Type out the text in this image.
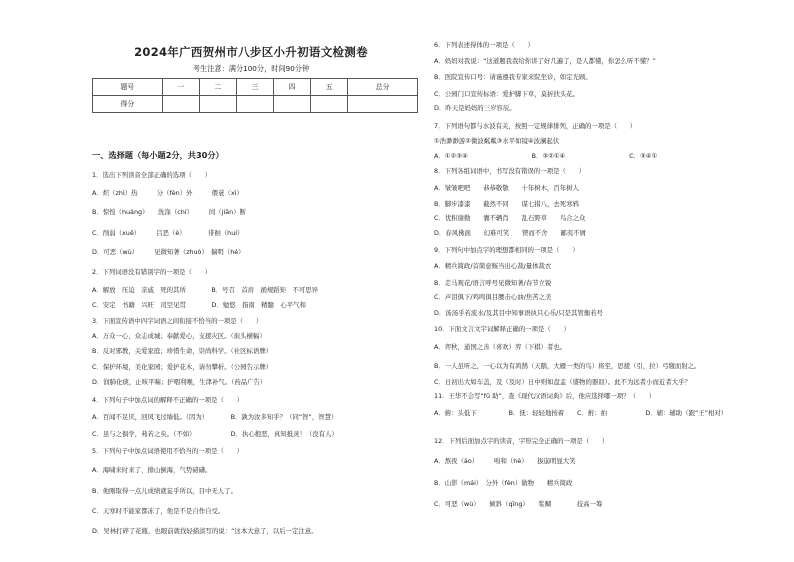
2024年广西贺州市八步区小升初语文检测卷
考生注意：满分100分，时间90分钟
题号	一	二	三	四	五	总分
得分						
一、选择题（每小题2分，共30分）
1．选出下列读音全部正确的选项（　　）
A．炽（zhì）热　　　分（fèn）外　　　偎蓑（xì）
B．惊惶（huáng）　　洗涤（chí）　　　间（jiān）断
C．削弱（xuē）　　　吕恶（è）　　　　徘徊（huí）
D．可恶（wù）　　　见微知著（zhuó）　揣明（hé）
2．下列词语没有错别字的一项是（　　）
A．解放　压迫　亲戚　死的其所　　　　B．号召　首肩　循规蹈矩　不可思异
C．安定　书籍　兴旺　司空见贯　　　　D．勉悠　指南　精髓　心平气和
3．下面宣传语中四字词语之间衔接不恰当的一项是（　　）
A．万众一心，众志成城；奉献爱心，支援灾区。（街头横幅）
B．反对邪教，关爱家庭；珍惜生命，崇尚科学。（社区标语牌）
C．保护环境，美化家园；爱护花木，请勿攀折。（公园告示牌）
D．润肺化痰，止咳平喘；护咽利喉，生津补气。（药品广告）
4．下列句子中加点词的解释不正确的一项是（　　）
A．百闻不足厌，回风飞过墙低。（因为）　　　　B．孰为汝多知乎？（同“智”，智慧）
C．虽与之俱学，弗若之矣。（不如）　　　　　　D．执心抱恶，真知抵灵！（没有人）
5．下列句子中加点词语使用不恰当的一项是（　　）
A．海啸来时来了，排山倒海，气势磅礴。
B．他刚取得一点儿成绩就妄乎所以，目中无人了。
C．天寒时不能家都冻了，他是不是自作自受。
D．吴林打碎了花瓶，也眼前就找轻描淡写的说：“这本大意了，以后一定注意。
6．下列表述得体的一项是（　　）
A．妈妈对我说：“这道题我我给你讲了好几遍了，是人都懂，你怎么听不懂？”
B．医院宣传口号：请谨遵我专家来院坐诊，如定光顾。
C．公园门口宣传标语：爱护脚下草，莫折扶头花。
D．昨天是妈妈的三岁容辰。
7．下列语句都与水波有关，按照一定规律排列，正确的一项是（　　）
①浩渺渺游②微波粼粼③水平如镜④波澜起伏
A．①②③④　　　　　　　　　　B．③②①④　　　　　　　　　　C．③④①
8．下列各组词语中，书写没有错误的一项是（　　）
A．皱皱吧吧　　恭恭敬敬　　十年树木，百年树人
B．脚步漆漆　　截然不同　　谋七措八，去死寒鸦
C．优积谢勤　　囊不辆肖　　乱石野草　　鸟合之众
D．春风拂面　　幻难可笑　　锲而不舍　　鄙夷不屑
9．下列句中加点字的理想都相同的一项是（　　）
A．精兵简政/首简意赅当出心裁/量体裁衣
B．走马观花/语言呼号见微知著/春节立锐
C．声泪俱下/鸡鸣俱目腰击心油/焦苦之美
D．汤汤乎若流水/及其目中知事语执只心乐/只是其管衡若号
10．下面文言文字词解释正确的一项是（　　）
A．弈秋，通国之善（喜欢）弈（下棋）者也。
B．一人虽听之，一心以为有鸿鹄（天鹅，大雁一类的鸟）将至，思援（引，拉）弓缴而射之。
C．日初出大如车盖，及（及时）日中则如盘盂（盛物的器皿）。此不为远者小而近者大乎？
11．王华不会写“fǔ 助”，查《现代汉语词典》后，他应选择哪一项？（　　）
A．俯：头低下　　　　　B．抚：轻轻地按着　　C．拊：拍　　　　　　D．辅：辅助（跟“王”相对）
12．下列后面加点字的读音，字形完全正确的一项是（　　）
A．熬夜（áo）　　　嗚和（hè）　　拔崩明显大笑
B．山影（mái）　分外（fèn）做物　　精兵简政
C．可恶（wù）　　倾斜（qīng）　　浆糊　　　　技高一筹
